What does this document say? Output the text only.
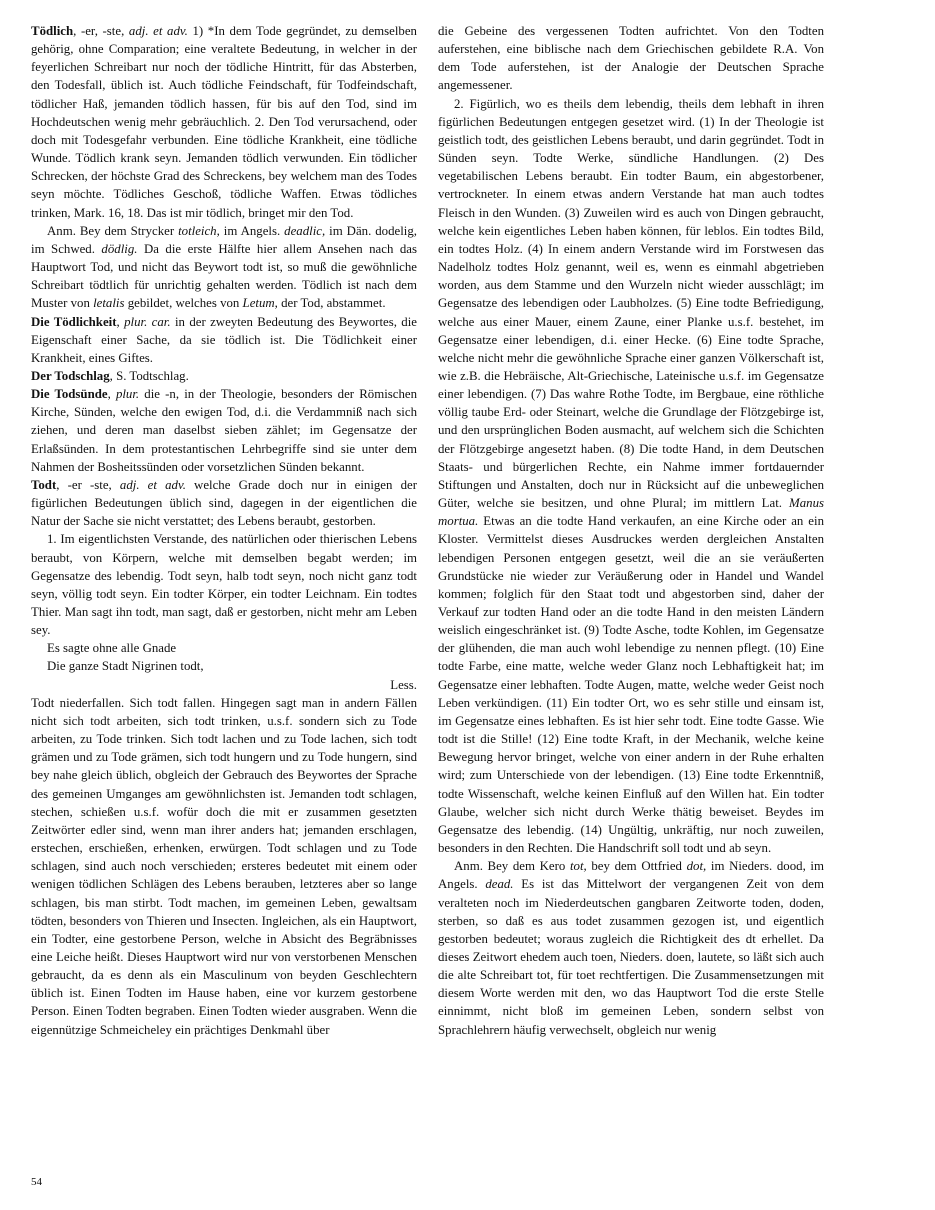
Tödlich, -er, -ste, adj. et adv. 1) *In dem Tode gegründet, zu demselben gehörig, ohne Comparation; eine veraltete Bedeutung, in welcher in der feyerlichen Schreibart nur noch der tödliche Hintritt, für das Absterben, den Todesfall, üblich ist. Auch tödliche Feindschaft, für Todfeindschaft, tödlicher Haß, jemanden tödlich hassen, für bis auf den Tod, sind im Hochdeutschen wenig mehr gebräuchlich. 2. Den Tod verursachend, oder doch mit Todesgefahr verbunden. Eine tödliche Krankheit, eine tödliche Wunde. Tödlich krank seyn. Jemanden tödlich verwunden. Ein tödlicher Schrecken, der höchste Grad des Schreckens, bey welchem man des Todes seyn möchte. Tödliches Geschoß, tödliche Waffen. Etwas tödliches trinken, Mark. 16, 18. Das ist mir tödlich, bringet mir den Tod.

Anm. Bey dem Strycker totleich, im Angels. deadlic, im Dän. dodelig, im Schwed. dödlig. Da die erste Hälfte hier allem Ansehen nach das Hauptwort Tod, und nicht das Beywort todt ist, so muß die gewöhnliche Schreibart tödtlich für unrichtig gehalten werden. Tödlich ist nach dem Muster von letalis gebildet, welches von Letum, der Tod, abstammet.

Die Tödlichkeit, plur. car. in der zweyten Bedeutung des Beywortes, die Eigenschaft einer Sache, da sie tödlich ist. Die Tödlichkeit einer Krankheit, eines Giftes.

Der Todschlag, S. Todtschlag.

Die Todsünde, plur. die -n, in der Theologie, besonders der Römischen Kirche, Sünden, welche den ewigen Tod, d.i. die Verdammniß nach sich ziehen, und deren man daselbst sieben zählet; im Gegensatze der Erlaßsünden. In dem protestantischen Lehrbegriffe sind sie unter dem Nahmen der Bosheitssünden oder vorsetzlichen Sünden bekannt.

Todt, -er -ste, adj. et adv. welche Grade doch nur in einigen der figürlichen Bedeutungen üblich sind, dagegen in der eigentlichen die Natur der Sache sie nicht verstattet; des Lebens beraubt, gestorben.

1. Im eigentlichsten Verstande, des natürlichen oder thierischen Lebens beraubt, von Körpern, welche mit demselben begabt werden; im Gegensatze des lebendig. Todt seyn, halb todt seyn, noch nicht ganz todt seyn, völlig todt seyn. Ein todter Körper, ein todter Leichnam. Ein todtes Thier. Man sagt ihn todt, man sagt, daß er gestorben, nicht mehr am Leben sey.

Es sagte ohne alle Gnade

Die ganze Stadt Nigrinen todt,

Less.

Todt niederfallen. Sich todt fallen. Hingegen sagt man in andern Fällen nicht sich todt arbeiten, sich todt trinken, u.s.f. sondern sich zu Tode arbeiten, zu Tode trinken. Sich todt lachen und zu Tode lachen, sich todt grämen und zu Tode grämen, sich todt hungern und zu Tode hungern, sind bey nahe gleich üblich, obgleich der Gebrauch des Beywortes der Sprache des gemeinen Umganges am gewöhnlichsten ist. Jemanden todt schlagen, stechen, schießen u.s.f. wofür doch die mit er zusammen gesetzten Zeitwörter edler sind, wenn man ihrer anders hat; jemanden erschlagen, erstechen, erschießen, erhenken, erwürgen. Todt schlagen und zu Tode schlagen, sind auch noch verschieden; ersteres bedeutet mit einem oder wenigen tödlichen Schlägen des Lebens berauben, letzteres aber so lange schlagen, bis man stirbt. Todt machen, im gemeinen Leben, gewaltsam tödten, besonders von Thieren und Insecten. Ingleichen, als ein Hauptwort, ein Todter, eine gestorbene Person, welche in Absicht des Begräbnisses eine Leiche heißt. Dieses Hauptwort wird nur von verstorbenen Menschen gebraucht, da es denn als ein Masculinum von beyden Geschlechtern üblich ist. Einen Todten im Hause haben, eine vor kurzem gestorbene Person. Einen Todten begraben. Einen Todten wieder ausgraben. Wenn die eigennützige Schmeicheley ein prächtiges Denkmahl über

die Gebeine des vergessenen Todten aufrichtet. Von den Todten auferstehen, eine biblische nach dem Griechischen gebildete R.A. Von dem Tode auferstehen, ist der Analogie der Deutschen Sprache angemessener.

2. Figürlich, wo es theils dem lebendig, theils dem lebhaft in ihren figürlichen Bedeutungen entgegen gesetzet wird. (1) In der Theologie ist geistlich todt, des geistlichen Lebens beraubt, und darin gegründet. Todt in Sünden seyn. Todte Werke, sündliche Handlungen. (2) Des vegetabilischen Lebens beraubt. Ein todter Baum, ein abgestorbener, vertrockneter. In einem etwas andern Verstande hat man auch todtes Fleisch in den Wunden. (3) Zuweilen wird es auch von Dingen gebraucht, welche kein eigentliches Leben haben können, für leblos. Ein todtes Bild, ein todtes Holz. (4) In einem andern Verstande wird im Forstwesen das Nadelholz todtes Holz genannt, weil es, wenn es einmahl abgetrieben worden, aus dem Stamme und den Wurzeln nicht wieder ausschlägt; im Gegensatze des lebendigen oder Laubholzes. (5) Eine todte Befriedigung, welche aus einer Mauer, einem Zaune, einer Planke u.s.f. bestehet, im Gegensatze einer lebendigen, d.i. einer Hecke. (6) Eine todte Sprache, welche nicht mehr die gewöhnliche Sprache einer ganzen Völkerschaft ist, wie z.B. die Hebräische, Alt-Griechische, Lateinische u.s.f. im Gegensatze einer lebendigen. (7) Das wahre Rothe Todte, im Bergbaue, eine röthliche völlig taube Erd- oder Steinart, welche die Grundlage der Flötzgebirge ist, und den ursprünglichen Boden ausmacht, auf welchem sich die Schichten der Flötzgebirge angesetzt haben. (8) Die todte Hand, in dem Deutschen Staats- und bürgerlichen Rechte, ein Nahme immer fortdauernder Stiftungen und Anstalten, doch nur in Rücksicht auf die unbeweglichen Güter, welche sie besitzen, und ohne Plural; im mittlern Lat. Manus mortua. Etwas an die todte Hand verkaufen, an eine Kirche oder an ein Kloster. Vermittelst dieses Ausdruckes werden dergleichen Anstalten lebendigen Personen entgegen gesetzt, weil die an sie veräußerten Grundstücke nie wieder zur Veräußerung oder in Handel und Wandel kommen; folglich für den Staat todt und abgestorben sind, daher der Verkauf zur todten Hand oder an die todte Hand in den meisten Ländern weislich eingeschränket ist. (9) Todte Asche, todte Kohlen, im Gegensatze der glühenden, die man auch wohl lebendige zu nennen pflegt. (10) Eine todte Farbe, eine matte, welche weder Glanz noch Lebhaftigkeit hat; im Gegensatze einer lebhaften. Todte Augen, matte, welche weder Geist noch Leben verkündigen. (11) Ein todter Ort, wo es sehr stille und einsam ist, im Gegensatze eines lebhaften. Es ist hier sehr todt. Eine todte Gasse. Wie todt ist die Stille! (12) Eine todte Kraft, in der Mechanik, welche keine Bewegung hervor bringet, welche von einer andern in der Ruhe erhalten wird; zum Unterschiede von der lebendigen. (13) Eine todte Erkenntniß, todte Wissenschaft, welche keinen Einfluß auf den Willen hat. Ein todter Glaube, welcher sich nicht durch Werke thätig beweiset. Beydes im Gegensatze des lebendig. (14) Ungültig, unkräftig, nur noch zuweilen, besonders in den Rechten. Die Handschrift soll todt und ab seyn.

Anm. Bey dem Kero tot, bey dem Ottfried dot, im Nieders. dood, im Angels. dead. Es ist das Mittelwort der vergangenen Zeit von dem veralteten noch im Niederdeutschen gangbaren Zeitworte toden, doden, sterben, so daß es aus todet zusammen gezogen ist, und eigentlich gestorben bedeutet; woraus zugleich die Richtigkeit des dt erhellet. Da dieses Zeitwort ehedem auch toen, Nieders. doen, lautete, so läßt sich auch die alte Schreibart tot, für toet rechtfertigen. Die Zusammensetzungen mit diesem Worte werden mit den, wo das Hauptwort Tod die erste Stelle einnimmt, nicht bloß im gemeinen Leben, sondern selbst von Sprachlehrern häufig verwechselt, obgleich nur wenig

54
